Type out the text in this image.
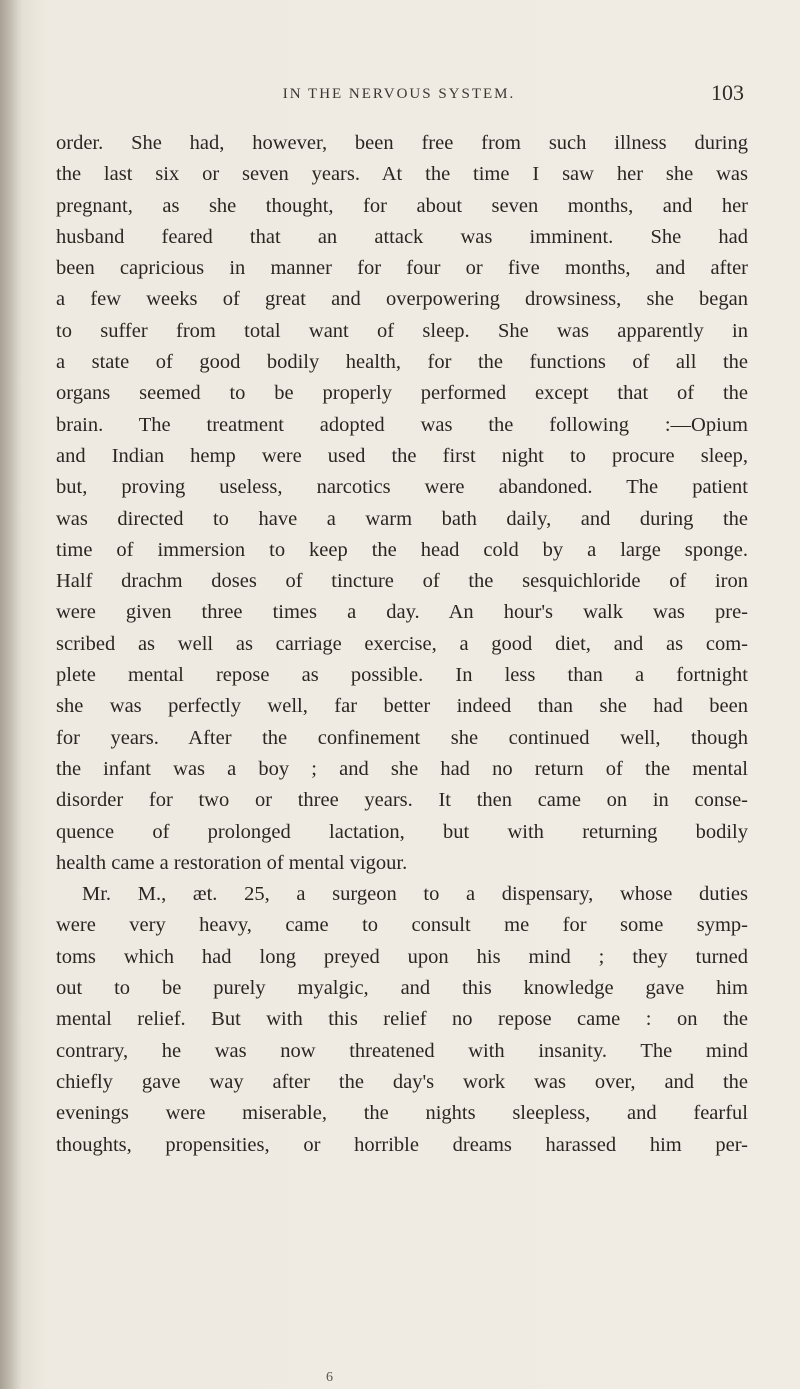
IN THE NERVOUS SYSTEM.	103
order. She had, however, been free from such illness during
the last six or seven years. At the time I saw her she was
pregnant, as she thought, for about seven months, and her
husband feared that an attack was imminent. She had
been capricious in manner for four or five months, and after
a few weeks of great and overpowering drowsiness, she began
to suffer from total want of sleep. She was apparently in
a state of good bodily health, for the functions of all the
organs seemed to be properly performed except that of the
brain. The treatment adopted was the following :—Opium
and Indian hemp were used the first night to procure sleep,
but, proving useless, narcotics were abandoned. The patient
was directed to have a warm bath daily, and during the
time of immersion to keep the head cold by a large sponge.
Half drachm doses of tincture of the sesquichloride of iron
were given three times a day. An hour's walk was pre-
scribed as well as carriage exercise, a good diet, and as com-
plete mental repose as possible. In less than a fortnight
she was perfectly well, far better indeed than she had been
for years. After the confinement she continued well, though
the infant was a boy ; and she had no return of the mental
disorder for two or three years. It then came on in conse-
quence of prolonged lactation, but with returning bodily
health came a restoration of mental vigour.
Mr. M., æt. 25, a surgeon to a dispensary, whose duties
were very heavy, came to consult me for some symp-
toms which had long preyed upon his mind ; they turned
out to be purely myalgic, and this knowledge gave him
mental relief. But with this relief no repose came : on the
contrary, he was now threatened with insanity. The mind
chiefly gave way after the day's work was over, and the
evenings were miserable, the nights sleepless, and fearful
thoughts, propensities, or horrible dreams harassed him per-
6
